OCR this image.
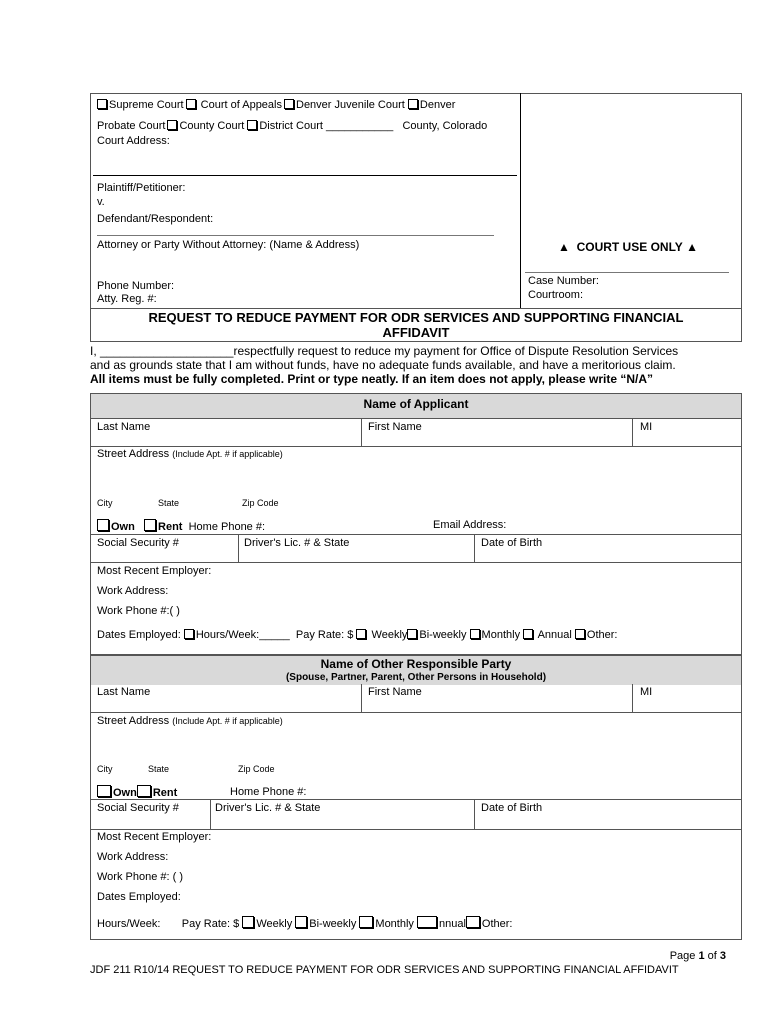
Supreme Court Court of Appeals Denver Juvenile Court Denver
Probate Court County Court District Court ___________ County, Colorado
Court Address:
Plaintiff/Petitioner:
v.
Defendant/Respondent:
Attorney or Party Without Attorney: (Name & Address)
Phone Number:
Atty. Reg. #:
▲ COURT USE ONLY ▲
Case Number:
Courtroom:
REQUEST TO REDUCE PAYMENT FOR ODR SERVICES AND SUPPORTING FINANCIAL
AFFIDAVIT
I, ____________________respectfully request to reduce my payment for Office of Dispute Resolution Services
and as grounds state that I am without funds, have no adequate funds available, and have a meritorious claim.
All items must be fully completed. Print or type neatly. If an item does not apply, please write “N/A”
Name of Applicant
Last Name	First Name	MI
Street Address (Include Apt. # if applicable)
City	State	Zip Code
Own Rent Home Phone #:	Email Address:
Social Security #	Driver's Lic. # & State	Date of Birth
Most Recent Employer:
Work Address:
Work Phone #:( )
Dates Employed: Hours/Week:_____ Pay Rate: $ Weekly Bi-weekly Monthly Annual Other:
Name of Other Responsible Party
(Spouse, Partner, Parent, Other Persons in Household)
Last Name	First Name	MI
Street Address (Include Apt. # if applicable)
City	State	Zip Code
Own Rent	Home Phone #:
Social Security #	Driver's Lic. # & State	Date of Birth
Most Recent Employer:
Work Address:
Work Phone #: ( )
Dates Employed:
Hours/Week: Pay Rate: $ Weekly Bi-weekly Monthly nnual Other:
Page 1 of 3
JDF 211 R10/14 REQUEST TO REDUCE PAYMENT FOR ODR SERVICES AND SUPPORTING FINANCIAL AFFIDAVIT
